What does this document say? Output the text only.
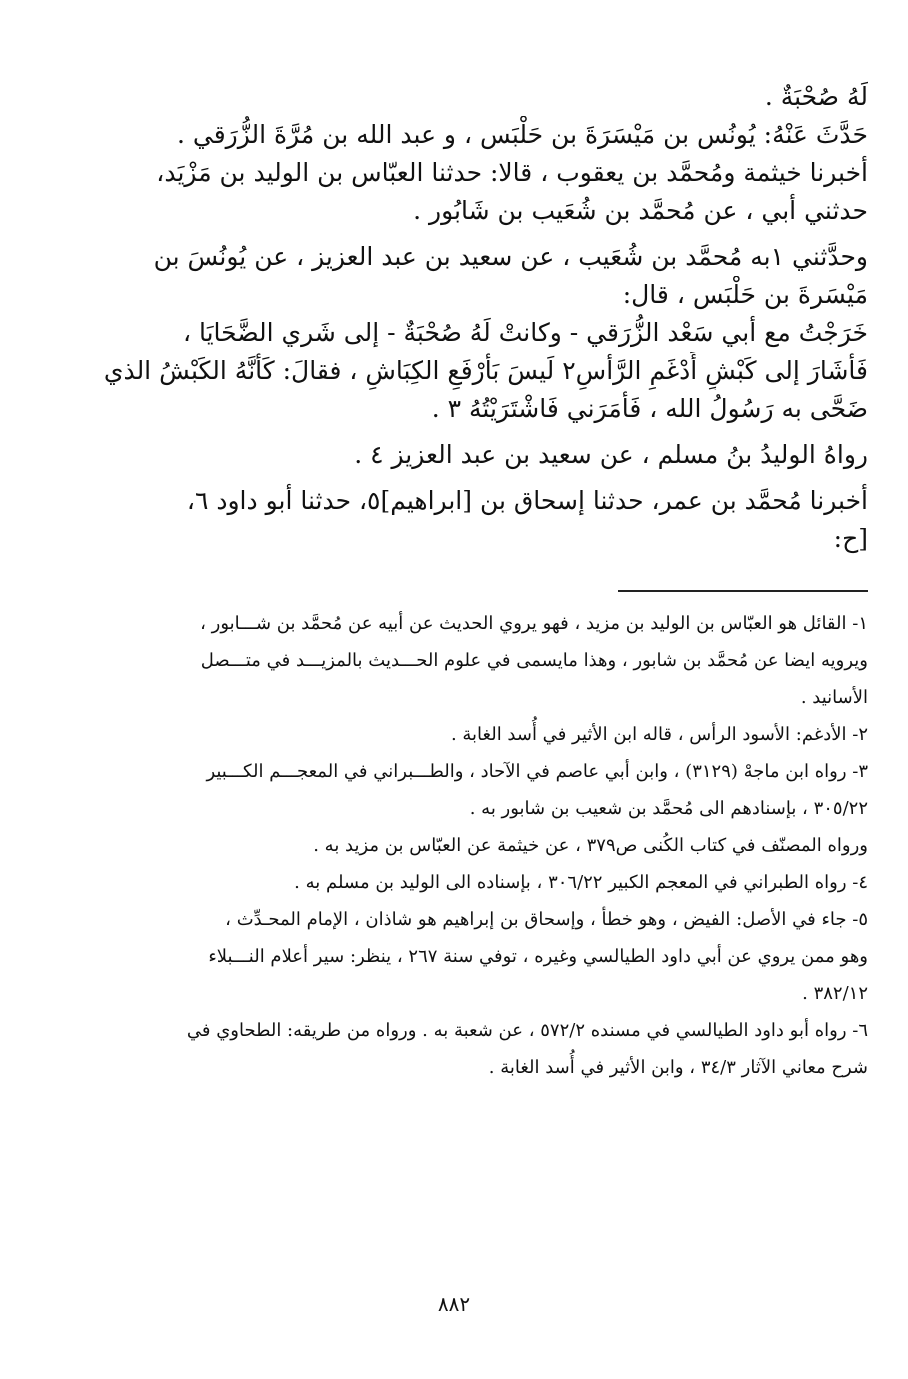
لَهُ صُحْبَةٌ .

حَدَّثَ عَنْهُ: يُونُس بن مَيْسَرَةَ بن حَلْبَس ، و عبد الله بن مُرَّةَ الزُّرَقي .

أخبرنا خيثمة ومُحمَّد بن يعقوب ، قالا: حدثنا العبّاس بن الوليد بن مَزْيَد،

حدثني أبي ، عن مُحمَّد بن شُعَيب بن شَابُور .

وحدَّثني ١به مُحمَّد بن شُعَيب ، عن سعيد بن عبد العزيز ، عن يُونُسَ بن

مَيْسَرةَ بن حَلْبَس ، قال:

خَرَجْتُ مع أبي سَعْد الزُّرَقي - وكانتْ لَهُ صُحْبَةٌ - إلى شَري الضَّحَايَا ،

فَأشَارَ إلى كَبْشٍ أَدْغَمِ الرَّأسِ٢ لَيسَ بَأرْفَعِ الكِبَاشِ ، فقالَ: كَأنَّهُ الكَبْشُ الذي

ضَحَّى به رَسُولُ الله ، فَأمَرَني فَاشْتَرَيْتُهُ ٣ .

رواهُ الوليدُ بنُ مسلم ، عن سعيد بن عبد العزيز ٤ .

أخبرنا مُحمَّد بن عمر، حدثنا إسحاق بن [ابراهيم]٥، حدثنا أبو داود ٦،

[ح:

١- القائل هو العبّاس بن الوليد بن مزيد ، فهو يروي الحديث عن أبيه عن مُحمَّد بن شـــابور ،

ويرويه ايضا عن مُحمَّد بن شابور ، وهذا مايسمى في علوم الحـــديث بالمزيـــد في متـــصل

الأسانيد .

٢- الأدغم: الأسود الرأس ، قاله ابن الأثير في أُسد الغابة .

٣- رواه ابن ماجهْ (٣١٢٩) ، وابن أبي عاصم في الآحاد ، والطـــبراني في المعجـــم الكـــبير

٣٠٥/٢٢ ، بإسنادهم الى مُحمَّد بن شعيب بن شابور به .

ورواه المصنّف في كتاب الكُنى ص٣٧٩ ، عن خيثمة عن العبّاس بن مزيد به .

٤- رواه الطبراني في المعجم الكبير ٣٠٦/٢٢ ، بإسناده الى الوليد بن مسلم به .

٥- جاء في الأصل: الفيض ، وهو خطأ ، وإسحاق بن إبراهيم هو شاذان ، الإمام المحـدِّث ،

وهو ممن يروي عن أبي داود الطيالسي وغيره ، توفي سنة ٢٦٧ ، ينظر: سير أعلام النـــبلاء

٣٨٢/١٢ .

٦- رواه أبو داود الطيالسي في مسنده ٥٧٢/٢ ، عن شعبة به . ورواه من طريقه: الطحاوي في

شرح معاني الآثار ٣٤/٣ ، وابن الأثير في أُسد الغابة .

٨٨٢
